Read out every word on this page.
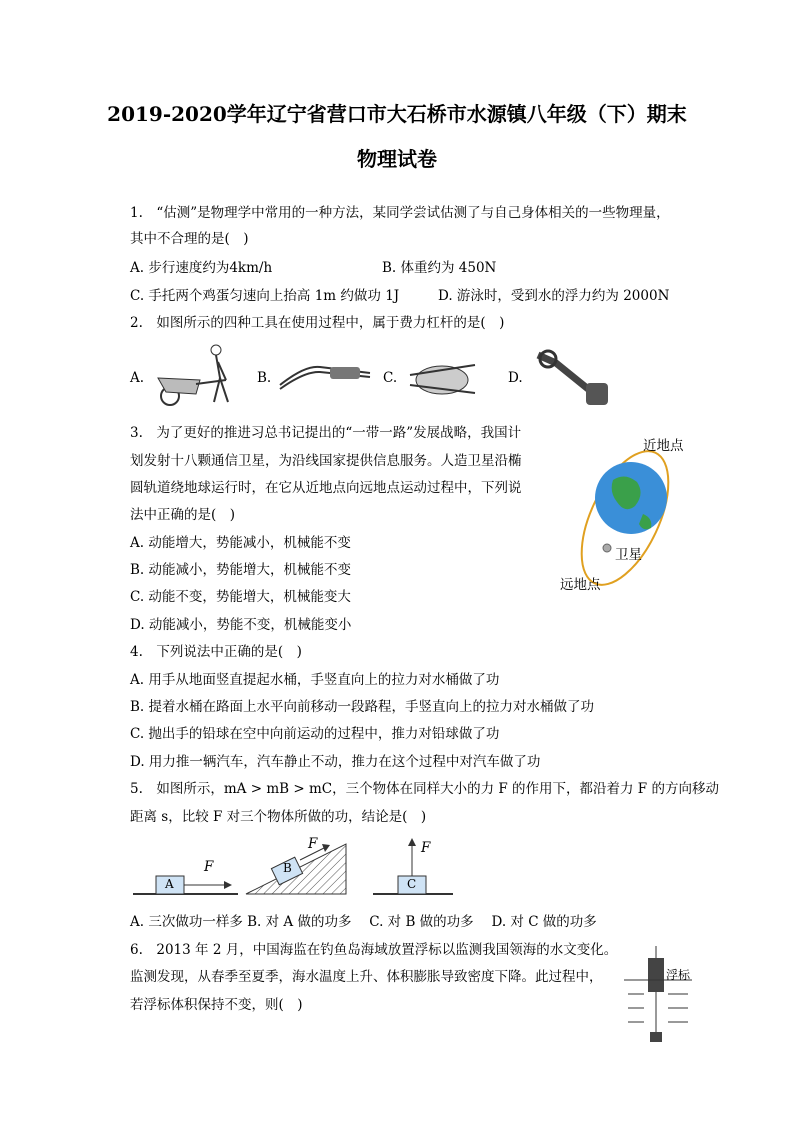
2019-2020学年辽宁省营口市大石桥市水源镇八年级（下）期末
物理试卷
1.　“估测”是物理学中常用的一种方法，某同学尝试估测了与自己身体相关的一些物理量，
其中不合理的是(　)
A. 步行速度约为4km/h	B. 体重约为 450N
C. 手托两个鸡蛋匀速向上抬高 1m 约做功 1J	D. 游泳时，受到水的浮力约为 2000N
2.　如图所示的四种工具在使用过程中，属于费力杠杆的是(　)
A.	B.	C.	D.
3.　为了更好的推进习总书记提出的“一带一路”发展战略，我国计
划发射十八颗通信卫星，为沿线国家提供信息服务。人造卫星沿椭
圆轨道绕地球运行时，在它从近地点向远地点运动过程中，下列说
法中正确的是(　)
A. 动能增大，势能减小，机械能不变
B. 动能减小，势能增大，机械能不变
C. 动能不变，势能增大，机械能变大
D. 动能减小，势能不变，机械能变小
近地点
远地点
卫星
4.　下列说法中正确的是(　)
A. 用手从地面竖直提起水桶，手竖直向上的拉力对水桶做了功
B. 提着水桶在路面上水平向前移动一段路程，手竖直向上的拉力对水桶做了功
C. 抛出手的铅球在空中向前运动的过程中，推力对铅球做了功
D. 用力推一辆汽车，汽车静止不动，推力在这个过程中对汽车做了功
5.　如图所示，mA > mB > mC，三个物体在同样大小的力 F 的作用下，都沿着力 F 的方向移动
距离 s，比较 F 对三个物体所做的功，结论是(　)
A
B
C
F
F	F
A. 三次做功一样多 B. 对 A 做的功多　 C. 对 B 做的功多　 D. 对 C 做的功多
6.　2013 年 2 月，中国海监在钓鱼岛海域放置浮标以监测我国领海的水文变化。
监测发现，从春季至夏季，海水温度上升、体积膨胀导致密度下降。此过程中，
若浮标体积保持不变，则(　)
浮标
